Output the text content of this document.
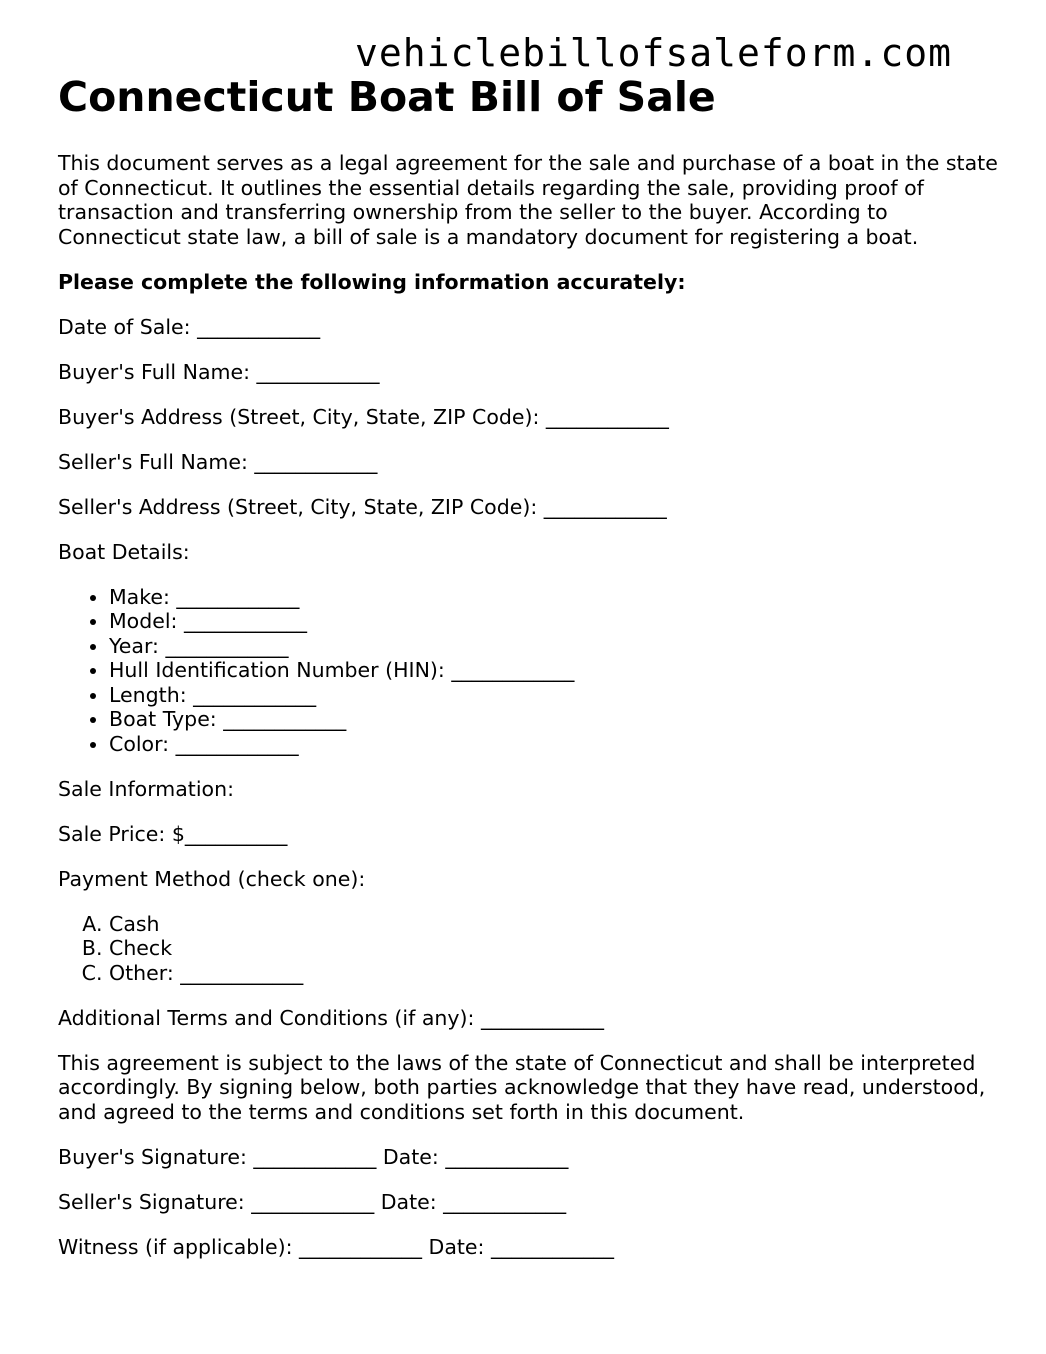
vehiclebillofsaleform.com
Connecticut Boat Bill of Sale

This document serves as a legal agreement for the sale and purchase of a boat in the state of Connecticut. It outlines the essential details regarding the sale, providing proof of transaction and transferring ownership from the seller to the buyer. According to Connecticut state law, a bill of sale is a mandatory document for registering a boat.

Please complete the following information accurately:

Date of Sale: ____________

Buyer's Full Name: ____________

Buyer's Address (Street, City, State, ZIP Code): ____________

Seller's Full Name: ____________

Seller's Address (Street, City, State, ZIP Code): ____________

Boat Details:

• Make: ____________
• Model: ____________
• Year: ____________
• Hull Identification Number (HIN): ____________
• Length: ____________
• Boat Type: ____________
• Color: ____________

Sale Information:

Sale Price: $__________

Payment Method (check one):

A. Cash
B. Check
C. Other: ____________

Additional Terms and Conditions (if any): ____________

This agreement is subject to the laws of the state of Connecticut and shall be interpreted accordingly. By signing below, both parties acknowledge that they have read, understood, and agreed to the terms and conditions set forth in this document.

Buyer's Signature: ____________ Date: ____________

Seller's Signature: ____________ Date: ____________

Witness (if applicable): ____________ Date: ____________
